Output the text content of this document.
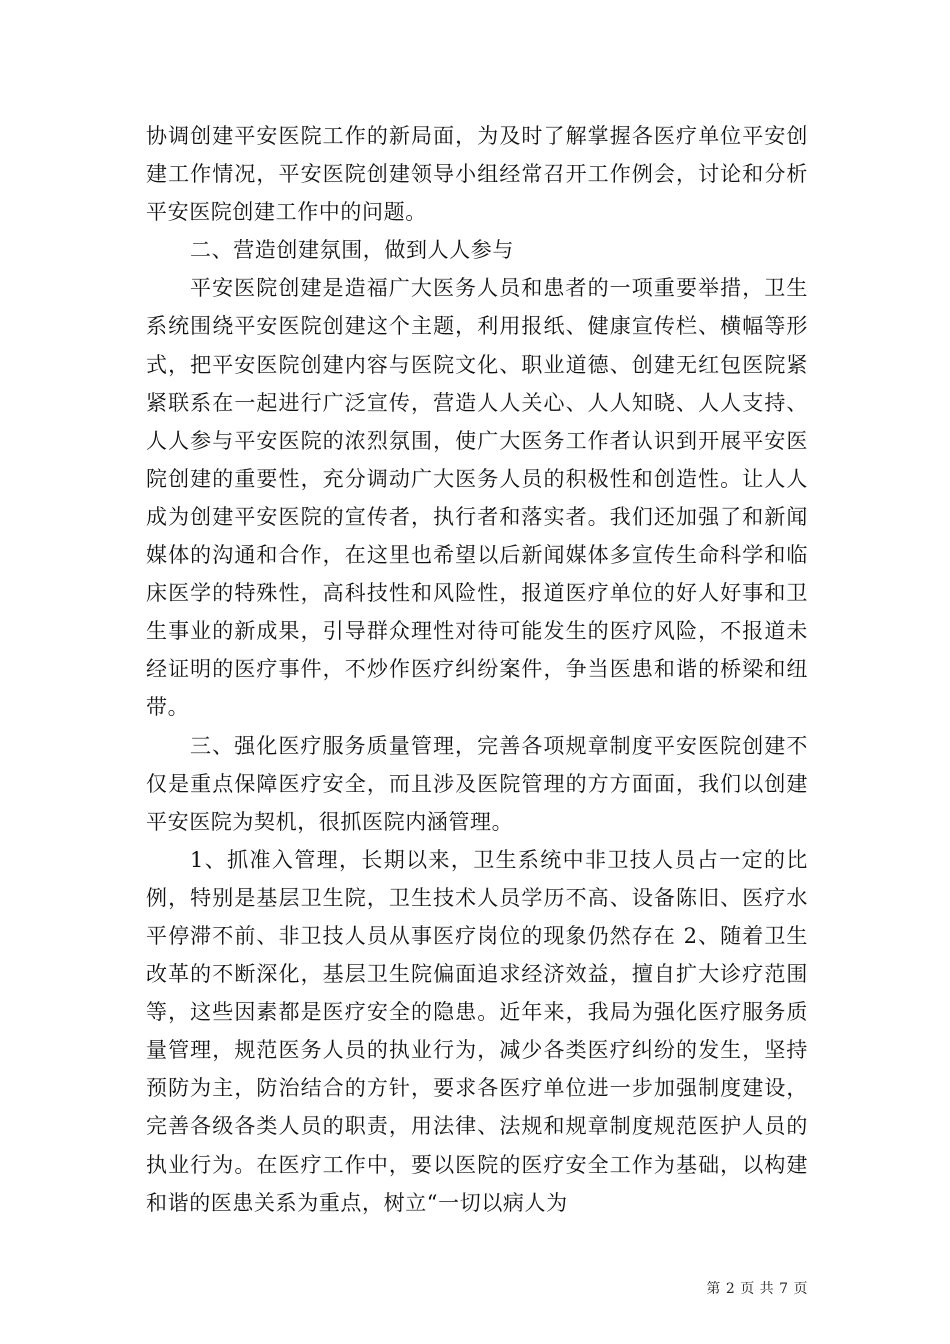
协调创建平安医院工作的新局面，为及时了解掌握各医疗单位平安创建工作情况，平安医院创建领导小组经常召开工作例会，讨论和分析平安医院创建工作中的问题。

二、营造创建氛围，做到人人参与

平安医院创建是造福广大医务人员和患者的一项重要举措，卫生系统围绕平安医院创建这个主题，利用报纸、健康宣传栏、横幅等形式，把平安医院创建内容与医院文化、职业道德、创建无红包医院紧紧联系在一起进行广泛宣传，营造人人关心、人人知晓、人人支持、人人参与平安医院的浓烈氛围，使广大医务工作者认识到开展平安医院创建的重要性，充分调动广大医务人员的积极性和创造性。让人人成为创建平安医院的宣传者，执行者和落实者。我们还加强了和新闻媒体的沟通和合作，在这里也希望以后新闻媒体多宣传生命科学和临床医学的特殊性，高科技性和风险性，报道医疗单位的好人好事和卫生事业的新成果，引导群众理性对待可能发生的医疗风险，不报道未经证明的医疗事件，不炒作医疗纠纷案件，争当医患和谐的桥梁和纽带。

三、强化医疗服务质量管理，完善各项规章制度平安医院创建不仅是重点保障医疗安全，而且涉及医院管理的方方面面，我们以创建平安医院为契机，很抓医院内涵管理。

1、抓准入管理，长期以来，卫生系统中非卫技人员占一定的比例，特别是基层卫生院，卫生技术人员学历不高、设备陈旧、医疗水平停滞不前、非卫技人员从事医疗岗位的现象仍然存在 2、随着卫生改革的不断深化，基层卫生院偏面追求经济效益，擅自扩大诊疗范围等，这些因素都是医疗安全的隐患。近年来，我局为强化医疗服务质量管理，规范医务人员的执业行为，减少各类医疗纠纷的发生，坚持预防为主，防治结合的方针，要求各医疗单位进一步加强制度建设，完善各级各类人员的职责，用法律、法规和规章制度规范医护人员的执业行为。在医疗工作中，要以医院的医疗安全工作为基础，以构建和谐的医患关系为重点，树立“一切以病人为

第 2 页 共 7 页
